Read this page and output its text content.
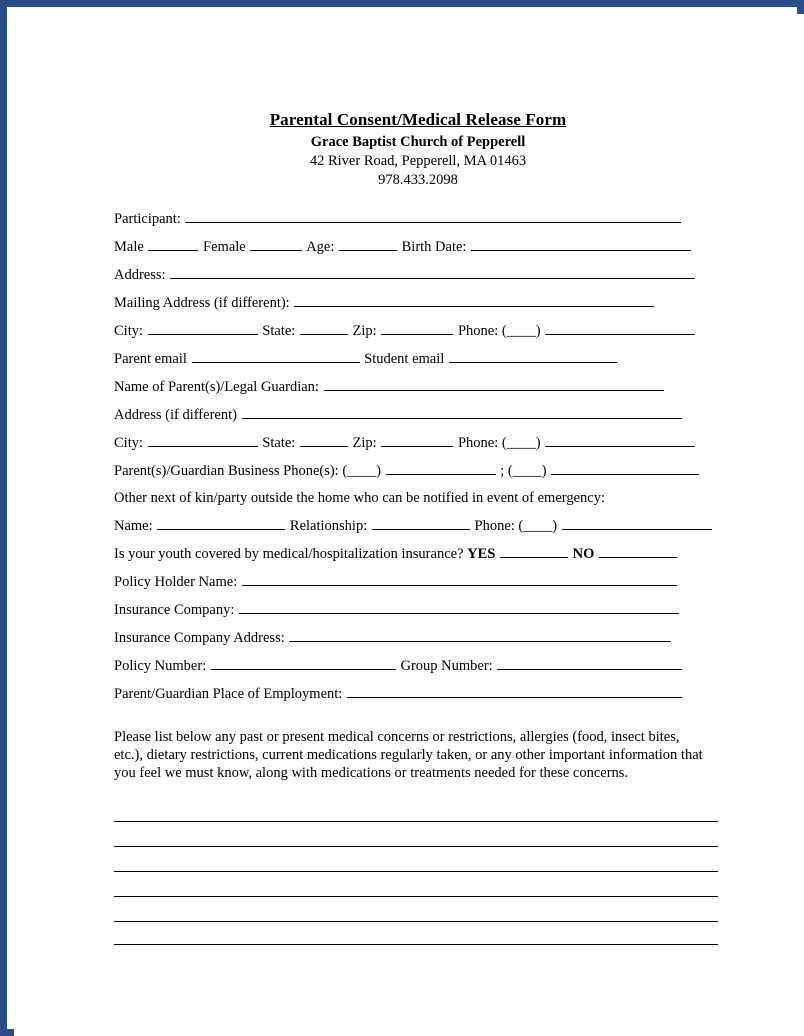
Parental Consent/Medical Release Form
Grace Baptist Church of Pepperell
42 River Road, Pepperell, MA 01463
978.433.2098
Participant:
Male	Female	Age:	Birth Date:
Address:
Mailing Address (if different):
City:	State:	Zip:	Phone: (____)
Parent email	Student email
Name of Parent(s)/Legal Guardian:
Address (if different)
City:	State:	Zip:	Phone: (____)
Parent(s)/Guardian Business Phone(s): (____)	; (____)
Other next of kin/party outside the home who can be notified in event of emergency:
Name:	Relationship:	Phone: (____)
Is your youth covered by medical/hospitalization insurance? YES	NO
Policy Holder Name:
Insurance Company:
Insurance Company Address:
Policy Number:	Group Number:
Parent/Guardian Place of Employment:
Please list below any past or present medical concerns or restrictions, allergies (food, insect bites, etc.), dietary restrictions, current medications regularly taken, or any other important information that you feel we must know, along with medications or treatments needed for these concerns.
